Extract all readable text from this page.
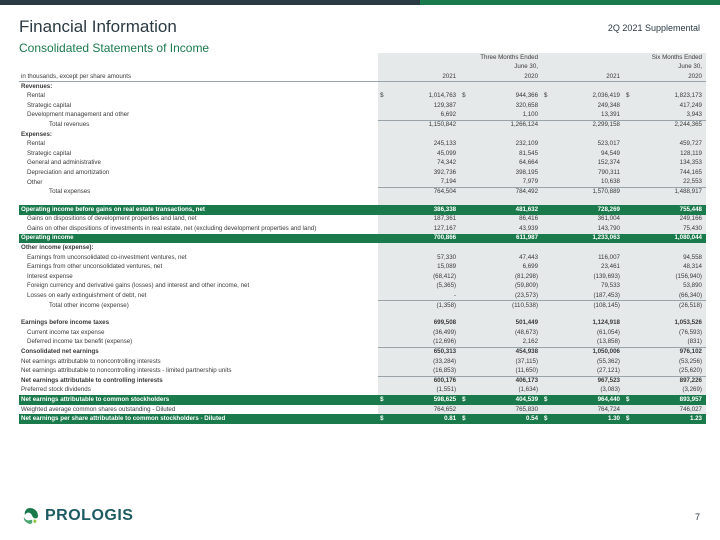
Financial Information
Consolidated Statements of Income
2Q 2021 Supplemental
				Three Months Ended				Six Months Ended
				June 30,				June 30,
in thousands, except per share amounts		2021		2020		2021		2020
Revenues:								
Rental	$	1,014,763	$	944,366	$	2,036,419	$	1,823,173
Strategic capital		129,387		320,658		249,348		417,249
Development management and other		6,692		1,100		13,391		3,943
Total revenues		1,150,842		1,266,124		2,299,158		2,244,365
Expenses:								
Rental		245,133		232,109		523,017		459,727
Strategic capital		45,099		81,545		94,549		128,119
General and administrative		74,342		64,664		152,374		134,353
Depreciation and amortization		392,736		398,195		790,311		744,165
Other		7,194		7,979		10,638		22,553
Total expenses		764,504		784,492		1,570,889		1,488,917

Operating income before gains on real estate transactions, net		386,338		481,632		728,269		755,448
Gains on dispositions of development properties and land, net		187,361		86,416		361,004		249,166
Gains on other dispositions of investments in real estate, net (excluding development properties and land)		127,167		43,939		143,790		75,430
Operating income		700,866		611,987		1,233,063		1,080,044
Other income (expense):								
Earnings from unconsolidated co-investment ventures, net		57,330		47,443		116,007		94,558
Earnings from other unconsolidated ventures, net		15,089		6,699		23,461		48,314
Interest expense		(68,412)		(81,298)		(139,693)		(156,940)
Foreign currency and derivative gains (losses) and interest and other income, net		(5,365)		(59,809)		79,533		53,890
Losses on early extinguishment of debt, net		-		(23,573)		(187,453)		(66,340)
Total other income (expense)		(1,358)		(110,538)		(108,145)		(26,518)

Earnings before income taxes		699,508		501,449		1,124,918		1,053,526
Current income tax expense		(36,499)		(48,673)		(61,054)		(76,593)
Deferred income tax benefit (expense)		(12,696)		2,162		(13,858)		(831)
Consolidated net earnings		650,313		454,938		1,050,006		976,102
Net earnings attributable to noncontrolling interests		(33,284)		(37,115)		(55,362)		(53,256)
Net earnings attributable to noncontrolling interests - limited partnership units		(16,853)		(11,650)		(27,121)		(25,620)
Net earnings attributable to controlling interests		600,176		406,173		967,523		897,226
Preferred stock dividends		(1,551)		(1,634)		(3,083)		(3,269)
Net earnings attributable to common stockholders	$	598,625	$	404,539	$	964,440	$	893,957
Weighted average common shares outstanding - Diluted		764,652		765,830		764,724		746,027
Net earnings per share attributable to common stockholders - Diluted	$	0.81	$	0.54	$	1.30	$	1.23
PROLOGIS	7
